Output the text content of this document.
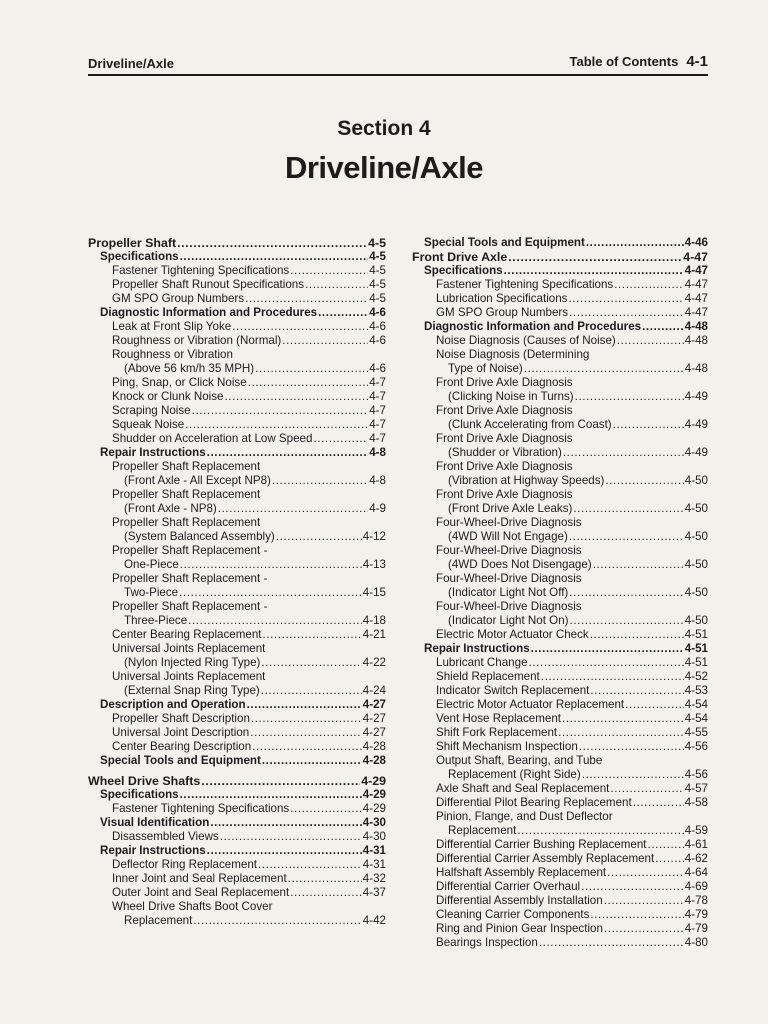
Driveline/Axle	Table of Contents 4-1
Section 4
Driveline/Axle
Propeller Shaft .....	4-5
Specifications .....	4-5
Fastener Tightening Specifications .....	4-5
Propeller Shaft Runout Specifications .....	4-5
GM SPO Group Numbers .....	4-5
Diagnostic Information and Procedures .....	4-6
Leak at Front Slip Yoke .....	4-6
Roughness or Vibration (Normal) .....	4-6
Roughness or Vibration
(Above 56 km/h 35 MPH) .....	4-6
Ping, Snap, or Click Noise .....	4-7
Knock or Clunk Noise .....	4-7
Scraping Noise .....	4-7
Squeak Noise .....	4-7
Shudder on Acceleration at Low Speed .....	4-7
Repair Instructions .....	4-8
Propeller Shaft Replacement
(Front Axle - All Except NP8) .....	4-8
Propeller Shaft Replacement
(Front Axle - NP8) .....	4-9
Propeller Shaft Replacement
(System Balanced Assembly) .....	4-12
Propeller Shaft Replacement -
One-Piece .....	4-13
Propeller Shaft Replacement -
Two-Piece .....	4-15
Propeller Shaft Replacement -
Three-Piece .....	4-18
Center Bearing Replacement .....	4-21
Universal Joints Replacement
(Nylon Injected Ring Type) .....	4-22
Universal Joints Replacement
(External Snap Ring Type) .....	4-24
Description and Operation .....	4-27
Propeller Shaft Description .....	4-27
Universal Joint Description .....	4-27
Center Bearing Description .....	4-28
Special Tools and Equipment .....	4-28
Wheel Drive Shafts .....	4-29
Specifications .....	4-29
Fastener Tightening Specifications .....	4-29
Visual Identification .....	4-30
Disassembled Views .....	4-30
Repair Instructions .....	4-31
Deflector Ring Replacement .....	4-31
Inner Joint and Seal Replacement .....	4-32
Outer Joint and Seal Replacement .....	4-37
Wheel Drive Shafts Boot Cover
Replacement .....	4-42
Special Tools and Equipment .....	4-46
Front Drive Axle .....	4-47
Specifications .....	4-47
Fastener Tightening Specifications .....	4-47
Lubrication Specifications .....	4-47
GM SPO Group Numbers .....	4-47
Diagnostic Information and Procedures .....	4-48
Noise Diagnosis (Causes of Noise) .....	4-48
Noise Diagnosis (Determining
Type of Noise) .....	4-48
Front Drive Axle Diagnosis
(Clicking Noise in Turns) .....	4-49
Front Drive Axle Diagnosis
(Clunk Accelerating from Coast) .....	4-49
Front Drive Axle Diagnosis
(Shudder or Vibration) .....	4-49
Front Drive Axle Diagnosis
(Vibration at Highway Speeds) .....	4-50
Front Drive Axle Diagnosis
(Front Drive Axle Leaks) .....	4-50
Four-Wheel-Drive Diagnosis
(4WD Will Not Engage) .....	4-50
Four-Wheel-Drive Diagnosis
(4WD Does Not Disengage) .....	4-50
Four-Wheel-Drive Diagnosis
(Indicator Light Not Off) .....	4-50
Four-Wheel-Drive Diagnosis
(Indicator Light Not On) .....	4-50
Electric Motor Actuator Check .....	4-51
Repair Instructions .....	4-51
Lubricant Change .....	4-51
Shield Replacement .....	4-52
Indicator Switch Replacement .....	4-53
Electric Motor Actuator Replacement .....	4-54
Vent Hose Replacement .....	4-54
Shift Fork Replacement .....	4-55
Shift Mechanism Inspection .....	4-56
Output Shaft, Bearing, and Tube
Replacement (Right Side) .....	4-56
Axle Shaft and Seal Replacement .....	4-57
Differential Pilot Bearing Replacement .....	4-58
Pinion, Flange, and Dust Deflector
Replacement .....	4-59
Differential Carrier Bushing Replacement .....	4-61
Differential Carrier Assembly Replacement .....	4-62
Halfshaft Assembly Replacement .....	4-64
Differential Carrier Overhaul .....	4-69
Differential Assembly Installation .....	4-78
Cleaning Carrier Components .....	4-79
Ring and Pinion Gear Inspection .....	4-79
Bearings Inspection .....	4-80
